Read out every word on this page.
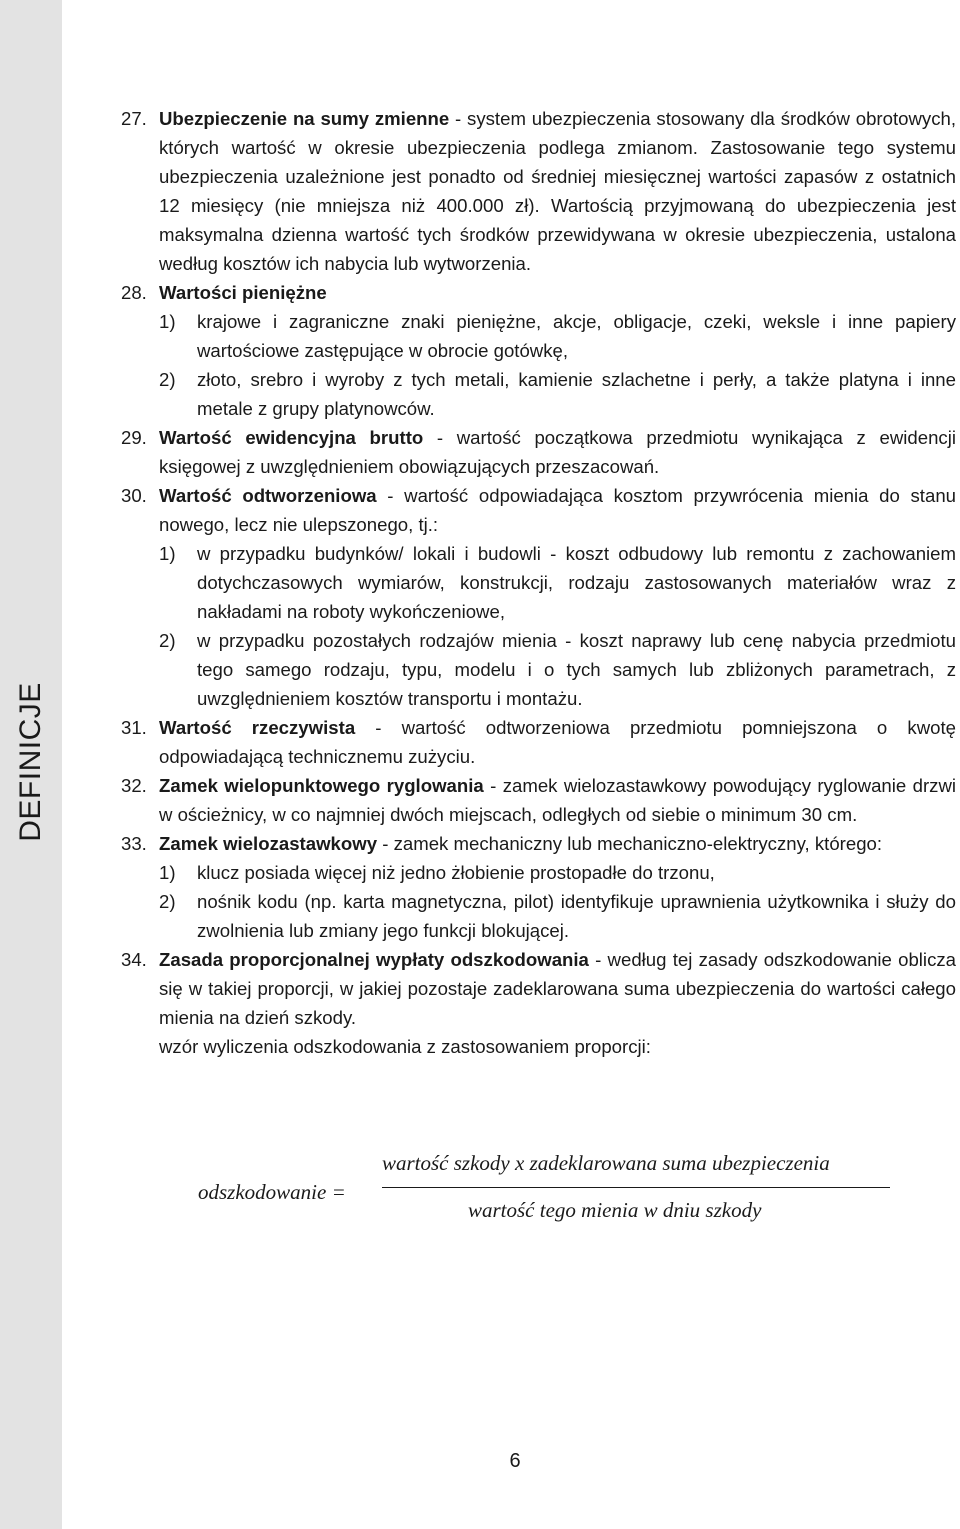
DEFINICJE
27. Ubezpieczenie na sumy zmienne - system ubezpieczenia stosowany dla środków obrotowych, których wartość w okresie ubezpieczenia podlega zmianom. Zastosowanie tego systemu ubezpieczenia uzależnione jest ponadto od średniej miesięcznej wartości zapasów z ostatnich 12 miesięcy (nie mniejsza niż 400.000 zł). Wartością przyjmowaną do ubezpieczenia jest maksymalna dzienna wartość tych środków przewidywana w okresie ubezpieczenia, ustalona według kosztów ich nabycia lub wytworzenia.
28. Wartości pieniężne
1) krajowe i zagraniczne znaki pieniężne, akcje, obligacje, czeki, weksle i inne papiery wartościowe zastępujące w obrocie gotówkę,
2) złoto, srebro i wyroby z tych metali, kamienie szlachetne i perły, a także platyna i inne metale z grupy platynowców.
29. Wartość ewidencyjna brutto - wartość początkowa przedmiotu wynikająca z ewidencji księgowej z uwzględnieniem obowiązujących przeszacowań.
30. Wartość odtworzeniowa - wartość odpowiadająca kosztom przywrócenia mienia do stanu nowego, lecz nie ulepszonego, tj.:
1) w przypadku budynków/ lokali i budowli - koszt odbudowy lub remontu z zachowaniem dotychczasowych wymiarów, konstrukcji, rodzaju zastosowanych materiałów wraz z nakładami na roboty wykończeniowe,
2) w przypadku pozostałych rodzajów mienia - koszt naprawy lub cenę nabycia przedmiotu tego samego rodzaju, typu, modelu i o tych samych lub zbliżonych parametrach, z uwzględnieniem kosztów transportu i montażu.
31. Wartość rzeczywista - wartość odtworzeniowa przedmiotu pomniejszona o kwotę odpowiadającą technicznemu zużyciu.
32. Zamek wielopunktowego ryglowania - zamek wielozastawkowy powodujący ryglowanie drzwi w ościeżnicy, w co najmniej dwóch miejscach, odległych od siebie o minimum 30 cm.
33. Zamek wielozastawkowy - zamek mechaniczny lub mechaniczno-elektryczny, którego:
1) klucz posiada więcej niż jedno żłobienie prostopadłe do trzonu,
2) nośnik kodu (np. karta magnetyczna, pilot) identyfikuje uprawnienia użytkownika i służy do zwolnienia lub zmiany jego funkcji blokującej.
34. Zasada proporcjonalnej wypłaty odszkodowania - według tej zasady odszkodowanie oblicza się w takiej proporcji, w jakiej pozostaje zadeklarowana suma ubezpieczenia do wartości całego mienia na dzień szkody.
wzór wyliczenia odszkodowania z zastosowaniem proporcji:
odszkodowanie =
wartość szkody x zadeklarowana suma ubezpieczenia
wartość tego mienia w dniu szkody
6
